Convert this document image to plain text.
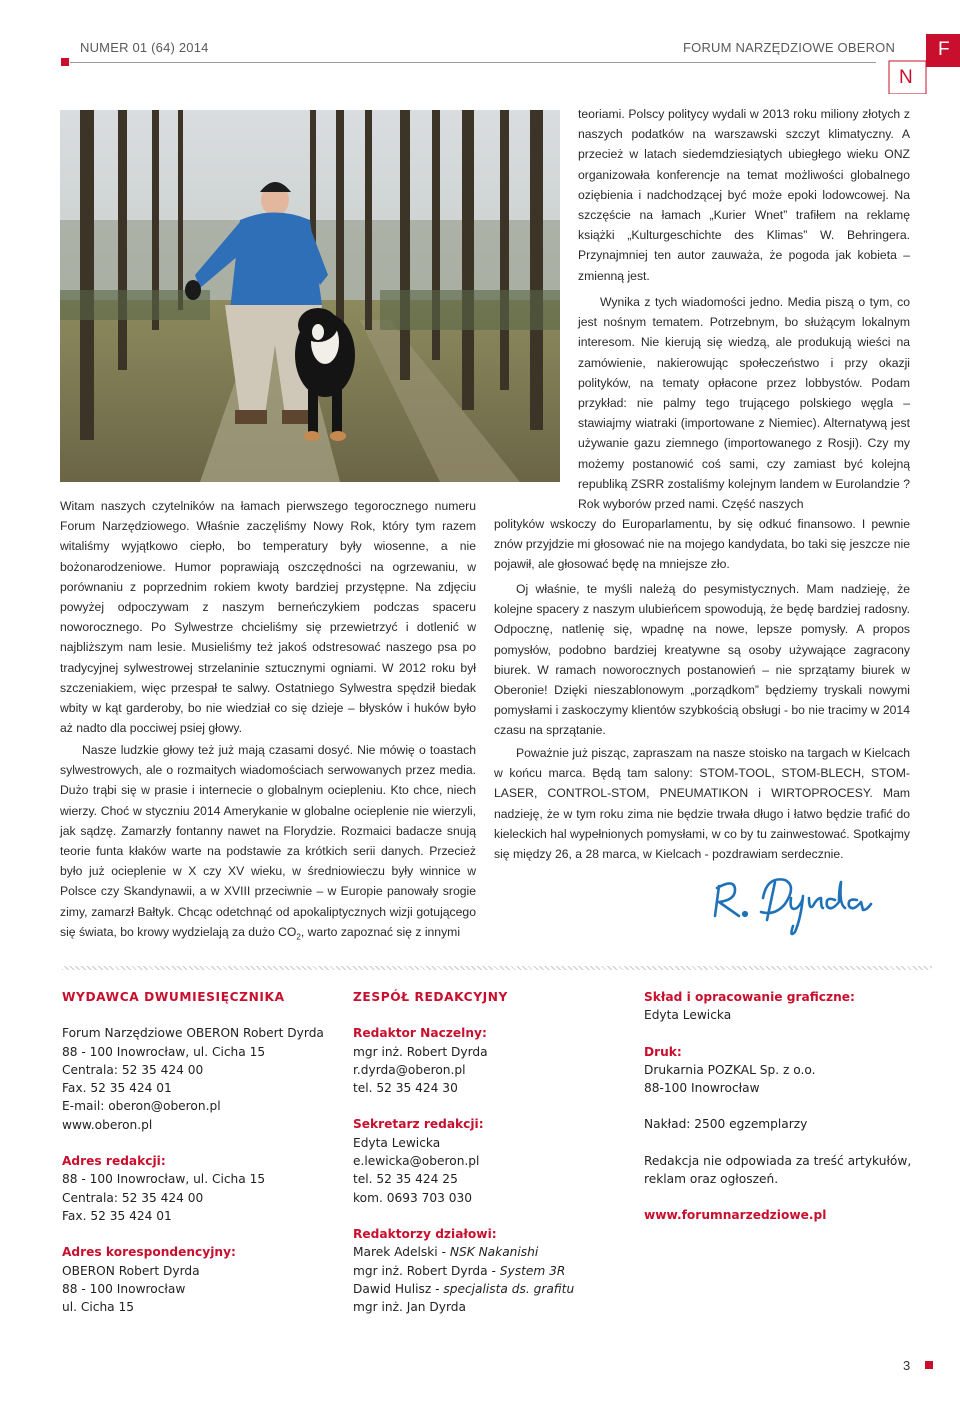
NUMER 01 (64) 2014	FORUM NARZĘDZIOWE OBERON F
N

Witam naszych czytelników na łamach pierwszego tegorocznego numeru Forum Narzędziowego. Właśnie zaczęliśmy Nowy Rok, który tym razem witaliśmy wyjątkowo ciepło, bo temperatury były wiosenne, a nie bożonarodzeniowe. Humor poprawiają oszczędności na ogrzewaniu, w porównaniu z poprzednim rokiem kwoty bardziej przystępne. Na zdjęciu powyżej odpoczywam z naszym berneńczykiem podczas spaceru noworocznego. Po Sylwestrze chcieliśmy się przewietrzyć i dotlenić w najbliższym nam lesie. Musieliśmy też jakoś odstresować naszego psa po tradycyjnej sylwestrowej strzelaninie sztucznymi ogniami. W 2012 roku był szczeniakiem, więc przespał te salwy. Ostatniego Sylwestra spędził biedak wbity w kąt garderoby, bo nie wiedział co się dzieje – błysków i huków było aż nadto dla pocciwej psiej głowy.

Nasze ludzkie głowy też już mają czasami dosyć. Nie mówię o toastach sylwestrowych, ale o rozmaitych wiadomościach serwowanych przez media. Dużo trąbi się w prasie i internecie o globalnym ociepleniu. Kto chce, niech wierzy. Choć w styczniu 2014 Amerykanie w globalne ocieplenie nie wierzyli, jak sądzę. Zamarzły fontanny nawet na Florydzie. Rozmaici badacze snują teorie funta kłaków warte na podstawie za krótkich serii danych. Przecież było już ocieplenie w X czy XV wieku, w średniowieczu były winnice w Polsce czy Skandynawii, a w XVIII przeciwnie – w Europie panowały srogie zimy, zamarzł Bałtyk. Chcąc odetchnąć od apokaliptycznych wizji gotującego się świata, bo krowy wydzielają za dużo $CO_2$, warto zapoznać się z innymi

teoriami. Polscy politycy wydali w 2013 roku miliony złotych z naszych podatków na warszawski szczyt klimatyczny. A przecież w latach siedemdziesiątych ubiegłego wieku ONZ organizowała konferencje na temat możliwości globalnego oziębienia i nadchodzącej być może epoki lodowcowej. Na szczęście na łamach „Kurier Wnet” trafiłem na reklamę książki „Kulturgeschichte des Klimas” W. Behringera. Przynajmniej ten autor zauważa, że pogoda jak kobieta – zmienną jest.

Wynika z tych wiadomości jedno. Media piszą o tym, co jest nośnym tematem. Potrzebnym, bo służącym lokalnym interesom. Nie kierują się wiedzą, ale produkują wieści na zamówienie, nakierowując społeczeństwo i przy okazji polityków, na tematy opłacone przez lobbystów. Podam przykład: nie palmy tego trującego polskiego węgla – stawiajmy wiatraki (importowane z Niemiec). Alternatywą jest używanie gazu ziemnego (importowanego z Rosji). Czy my możemy postanowić coś sami, czy zamiast być kolejną republiką ZSRR zostaliśmy kolejnym landem w Eurolandzie ? Rok wyborów przed nami. Część naszych

polityków wskoczy do Europarlamentu, by się odkuć finansowo. I pewnie znów przyjdzie mi głosować nie na mojego kandydata, bo taki się jeszcze nie pojawił, ale głosować będę na mniejsze zło.

Oj właśnie, te myśli należą do pesymistycznych. Mam nadzieję, że kolejne spacery z naszym ulubieńcem spowodują, że będę bardziej radosny. Odpocznę, natlenię się, wpadnę na nowe, lepsze pomysły. A propos pomysłów, podobno bardziej kreatywne są osoby używające zagracony biurek. W ramach noworocznych postanowień – nie sprzątamy biurek w Oberonie! Dzięki nieszablonowym „porządkom” będziemy tryskali nowymi pomysłami i zaskoczymy klientów szybkością obsługi - bo nie tracimy w 2014 czasu na sprzątanie.

Poważnie już pisząc, zapraszam na nasze stoisko na targach w Kielcach w końcu marca. Będą tam salony: STOM-TOOL, STOM-BLECH, STOM-LASER, CONTROL-STOM, PNEUMATIKON i WIRTOPROCESY. Mam nadzieję, że w tym roku zima nie będzie trwała długo i łatwo będzie trafić do kieleckich hal wypełnionych pomysłami, w co by tu zainwestować. Spotkajmy się między 26, a 28 marca, w Kielcach - pozdrawiam serdecznie.

WYDAWCA DWUMIESIĘCZNIKA
Forum Narzędziowe OBERON Robert Dyrda
88 - 100 Inowrocław, ul. Cicha 15
Centrala: 52 35 424 00
Fax. 52 35 424 01
E-mail: oberon@oberon.pl
www.oberon.pl
Adres redakcji:
88 - 100 Inowrocław, ul. Cicha 15
Centrala: 52 35 424 00
Fax. 52 35 424 01
Adres korespondencyjny:
OBERON Robert Dyrda
88 - 100 Inowrocław
ul. Cicha 15
ZESPÓŁ REDAKCYJNY
Redaktor Naczelny:
mgr inż. Robert Dyrda
r.dyrda@oberon.pl
tel. 52 35 424 30
Sekretarz redakcji:
Edyta Lewicka
e.lewicka@oberon.pl
tel. 52 35 424 25
kom. 0693 703 030
Redaktorzy działowi:
Marek Adelski - NSK Nakanishi
mgr inż. Robert Dyrda - System 3R
Dawid Hulisz - specjalista ds. grafitu
mgr inż. Jan Dyrda
Skład i opracowanie graficzne:
Edyta Lewicka
Druk:
Drukarnia POZKAL Sp. z o.o.
88-100 Inowrocław
Nakład: 2500 egzemplarzy
Redakcja nie odpowiada za treść artykułów, reklam oraz ogłoszeń.
www.forumnarzedziowe.pl
3
